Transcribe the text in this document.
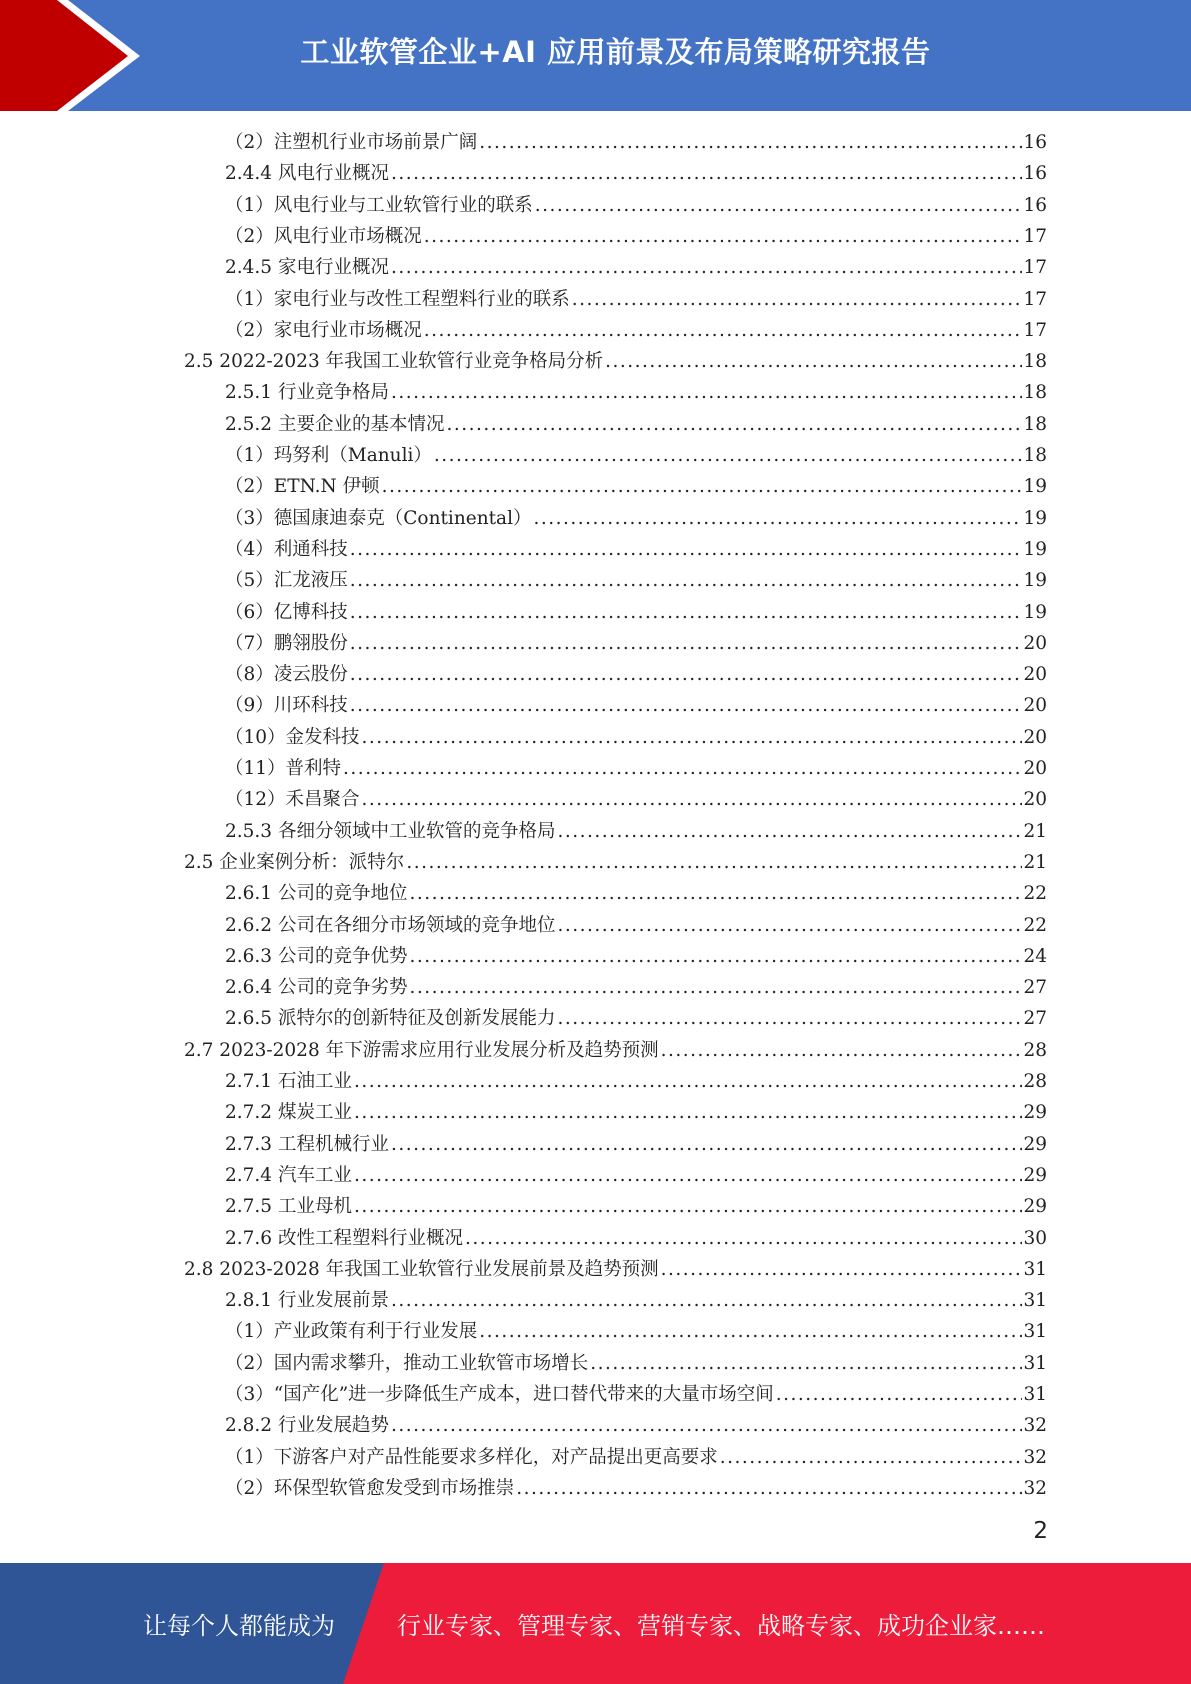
工业软管企业+AI 应用前景及布局策略研究报告
（2）注塑机行业市场前景广阔 .....	16
2.4.4 风电行业概况 .....	16
（1）风电行业与工业软管行业的联系 .....	16
（2）风电行业市场概况 .....	17
2.4.5 家电行业概况 .....	17
（1）家电行业与改性工程塑料行业的联系 .....	17
（2）家电行业市场概况 .....	17
2.5 2022-2023 年我国工业软管行业竞争格局分析 .....	18
2.5.1 行业竞争格局 .....	18
2.5.2 主要企业的基本情况 .....	18
（1）玛努利（Manuli） .....	18
（2）ETN.N 伊顿 .....	19
（3）德国康迪泰克（Continental） .....	19
（4）利通科技 .....	19
（5）汇龙液压 .....	19
（6）亿博科技 .....	19
（7）鹏翎股份 .....	20
（8）凌云股份 .....	20
（9）川环科技 .....	20
（10）金发科技 .....	20
（11）普利特 .....	20
（12）禾昌聚合 .....	20
2.5.3 各细分领域中工业软管的竞争格局 .....	21
2.5 企业案例分析：派特尔 .....	21
2.6.1 公司的竞争地位 .....	22
2.6.2 公司在各细分市场领域的竞争地位 .....	22
2.6.3 公司的竞争优势 .....	24
2.6.4 公司的竞争劣势 .....	27
2.6.5 派特尔的创新特征及创新发展能力 .....	27
2.7 2023-2028 年下游需求应用行业发展分析及趋势预测 .....	28
2.7.1 石油工业 .....	28
2.7.2 煤炭工业 .....	29
2.7.3 工程机械行业 .....	29
2.7.4 汽车工业 .....	29
2.7.5 工业母机 .....	29
2.7.6 改性工程塑料行业概况 .....	30
2.8 2023-2028 年我国工业软管行业发展前景及趋势预测 .....	31
2.8.1 行业发展前景 .....	31
（1）产业政策有利于行业发展 .....	31
（2）国内需求攀升，推动工业软管市场增长 .....	31
（3）“国产化”进一步降低生产成本，进口替代带来的大量市场空间 .....	31
2.8.2 行业发展趋势 .....	32
（1）下游客户对产品性能要求多样化，对产品提出更高要求 .....	32
（2）环保型软管愈发受到市场推崇 .....	32
2
让每个人都能成为	行业专家、管理专家、营销专家、战略专家、成功企业家……
